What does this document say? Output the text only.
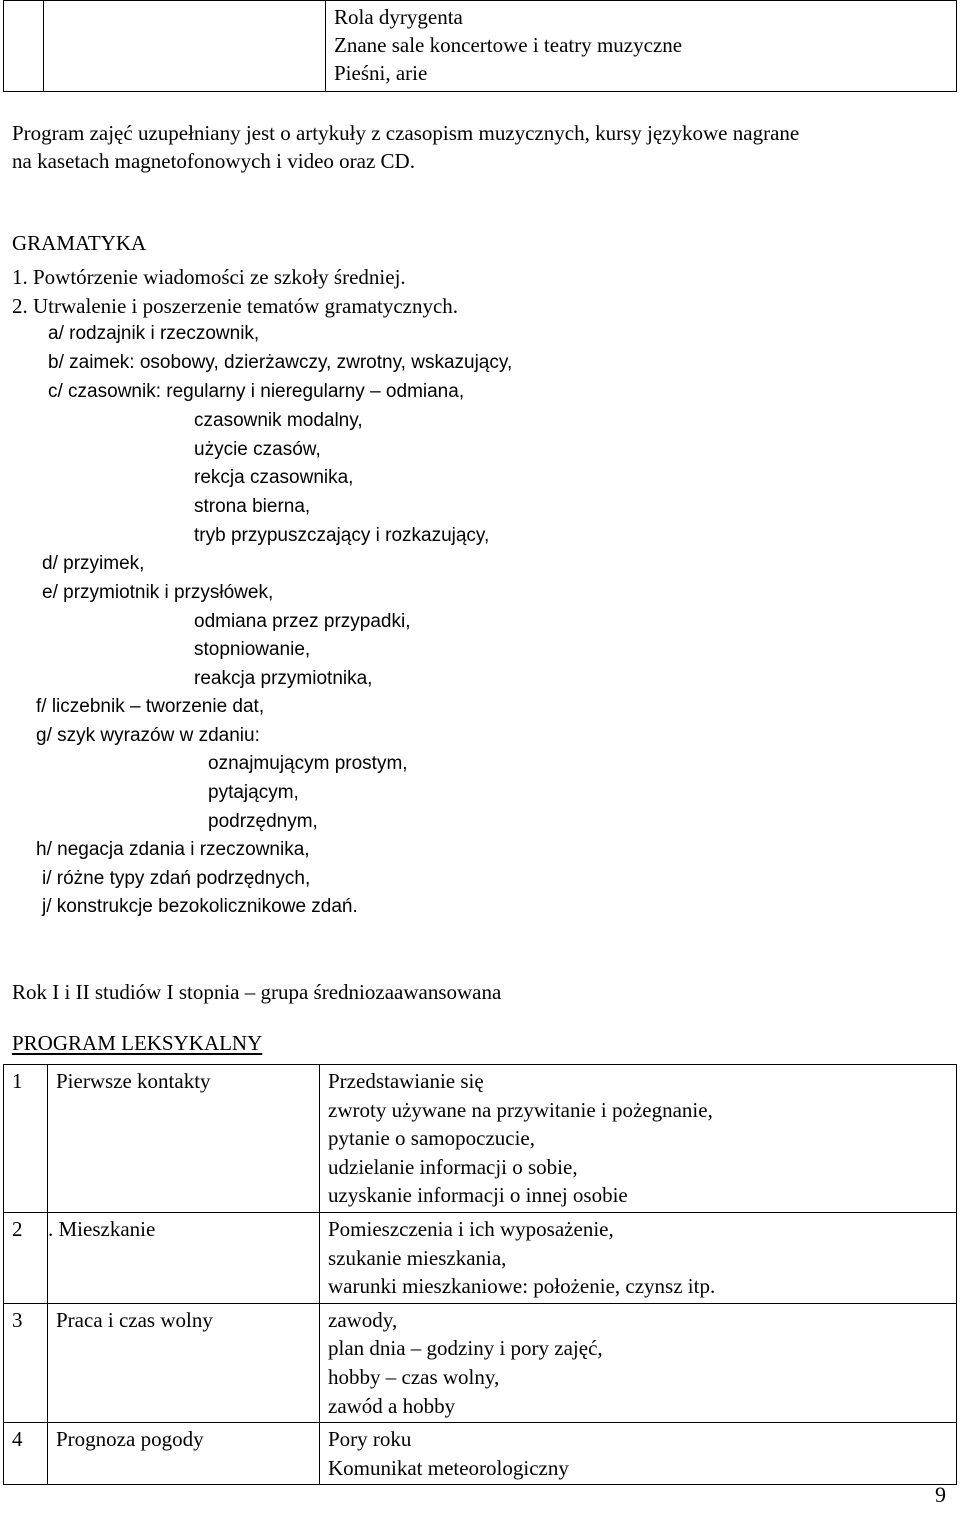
Rola dyrygenta
Znane sale koncertowe i teatry muzyczne
Pieśni, arie
Program zajęć uzupełniany jest o artykuły z czasopism muzycznych, kursy językowe nagrane
na kasetach magnetofonowych i video oraz CD.
GRAMATYKA
1. Powtórzenie wiadomości ze szkoły średniej.
2. Utrwalenie i poszerzenie tematów gramatycznych.
a/ rodzajnik i rzeczownik,
b/ zaimek: osobowy, dzierżawczy, zwrotny, wskazujący,
c/ czasownik: regularny i nieregularny – odmiana,
czasownik modalny,
użycie czasów,
rekcja czasownika,
strona bierna,
tryb przypuszczający i rozkazujący,
d/ przyimek,
e/ przymiotnik i przysłówek,
odmiana przez przypadki,
stopniowanie,
reakcja przymiotnika,
f/ liczebnik – tworzenie dat,
g/ szyk wyrazów w zdaniu:
oznajmującym prostym,
pytającym,
podrzędnym,
h/ negacja zdania i rzeczownika,
i/ różne typy zdań podrzędnych,
j/ konstrukcje bezokolicznikowe zdań.
Rok I i II studiów I stopnia – grupa średniozaawansowana
PROGRAM LEKSYKALNY
1	Pierwsze kontakty	Przedstawianie się
zwroty używane na przywitanie i pożegnanie,
pytanie o samopoczucie,
udzielanie informacji o sobie,
uzyskanie informacji o innej osobie

2	. Mieszkanie	Pomieszczenia i ich wyposażenie,
szukanie mieszkania,
warunki mieszkaniowe: położenie, czynsz itp.

3	Praca i czas wolny	zawody,
plan dnia – godziny i pory zajęć,
hobby – czas wolny,
zawód a hobby

4	Prognoza pogody	Pory roku
Komunikat meteorologiczny
9
